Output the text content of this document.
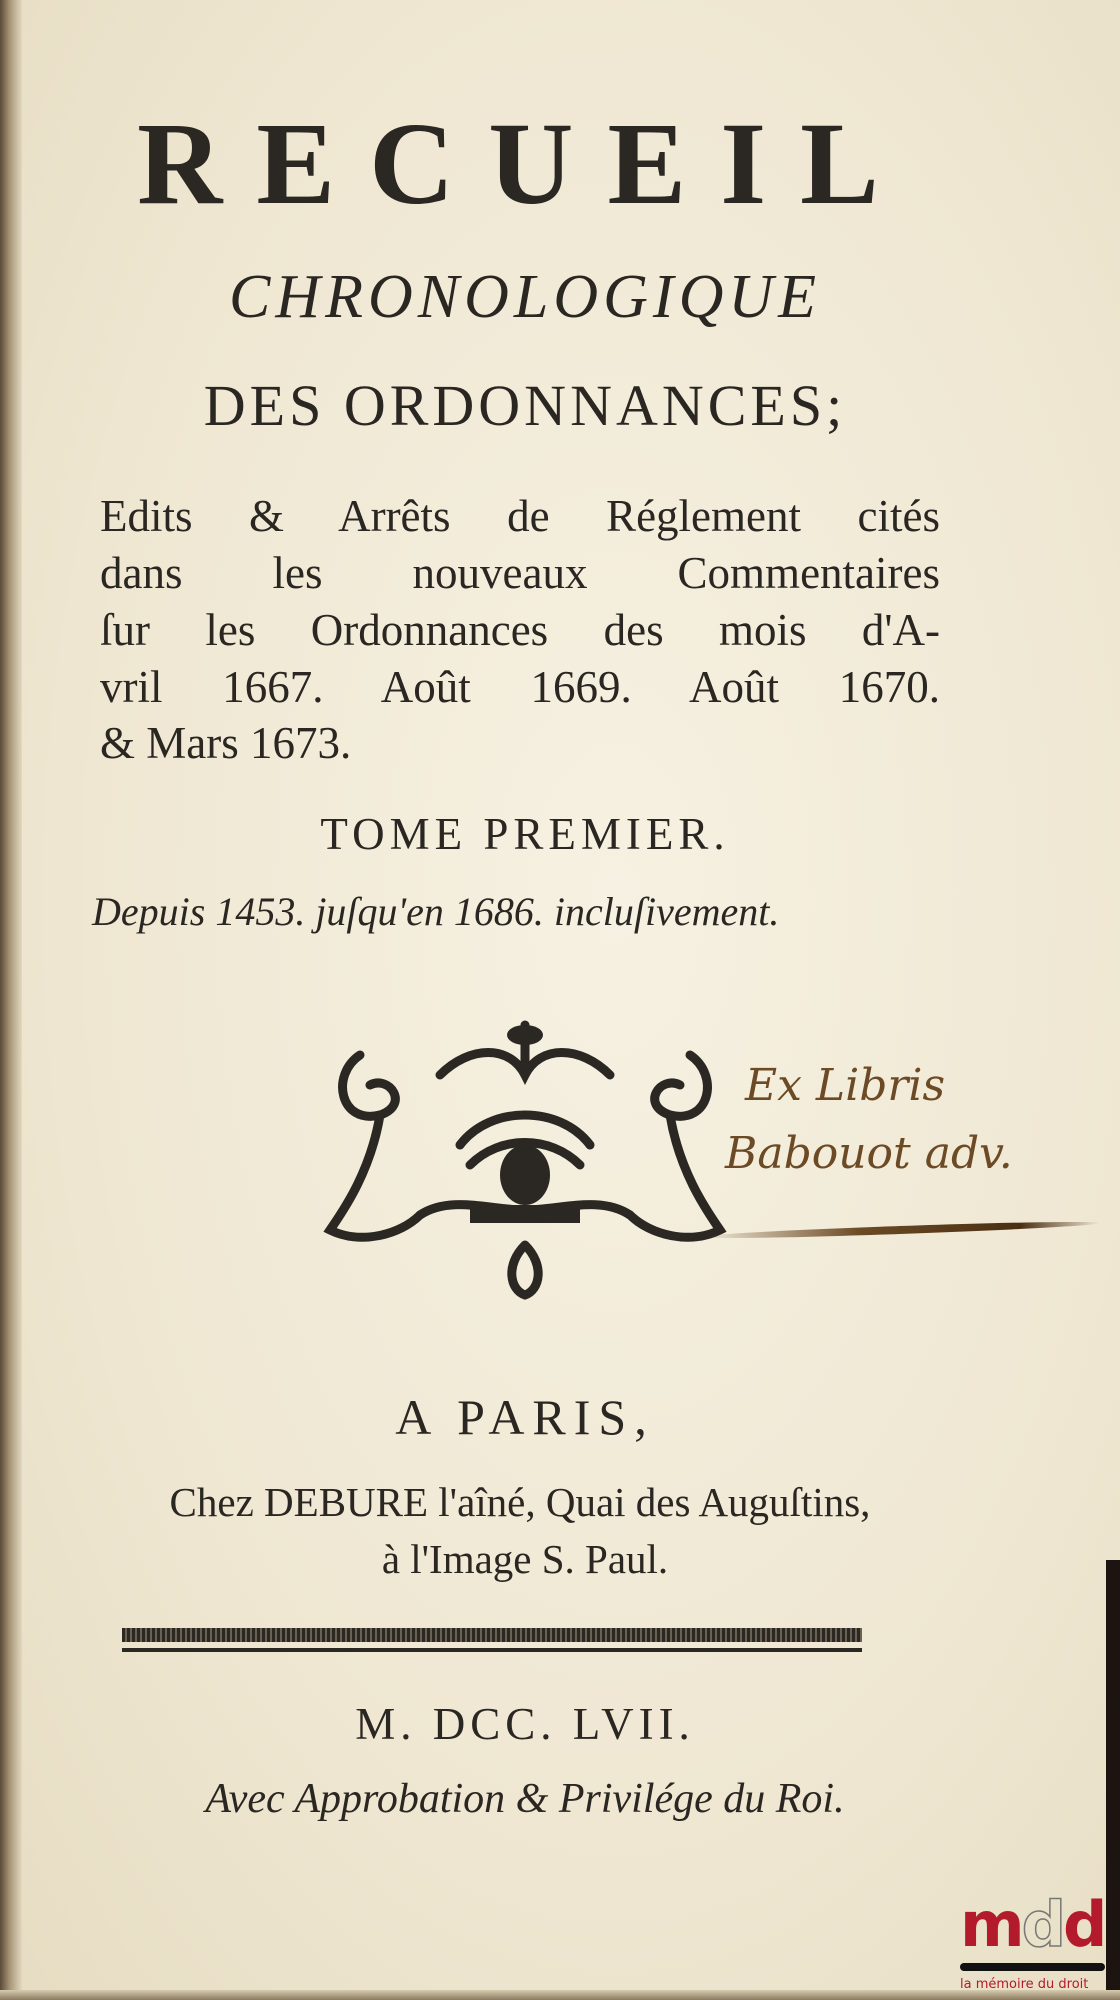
RECUEIL
CHRONOLOGIQUE
DES ORDONNANCES;
Edits & Arrêts de Réglement cités
dans les nouveaux Commentaires
ſur les Ordonnances des mois d'A-
vril 1667. Août 1669. Août 1670.
& Mars 1673.
TOME PREMIER.
Depuis 1453. juſqu'en 1686. incluſivement.
Ex Libris
Babouot adv.
A PARIS,
Chez DEBURE l'aîné, Quai des Auguſtins,
à l'Image S. Paul.
M. DCC. LVII.
Avec Approbation & Privilége du Roi.
mdd
la mémoire du droit
